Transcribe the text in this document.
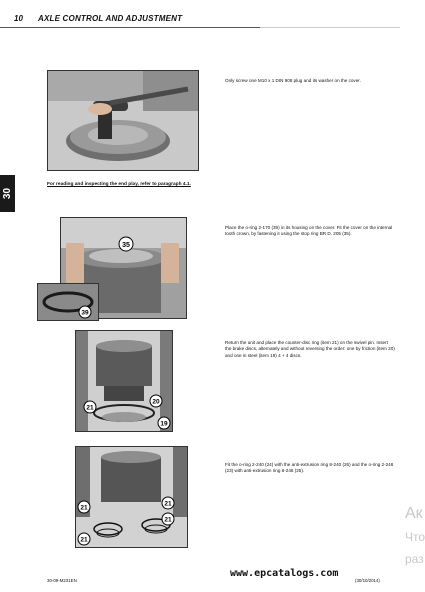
10 AXLE CONTROL AND ADJUSTMENT
30
Only screw one M10 x 1 DIN 908 plug and its washer on the cover.
For reading and inspecting the end play, refer to paragraph 4.1.
35
39
Place the o-ring 2-170 (39) in its housing on the cover. Fit the cover on the internal tooth crown, by fastening it using the stop ring BR D. 205 (35).
20
21
19
Return the unit and place the counter-disc ring (item 21) on the swivel pin. Insert the brake discs, alternately and without reversing the order: one by friction (item 20) and one in steel (item 19) 4 + 4 discs.
21
21
21
21
Fit the o-ring 2-240 (24) with the anti-extrusion ring 8-240 (26) and the o-ring 2-246 (23) with anti-extrusion ring 8-246 (25).
Ак
Что
раз
www.epcatalogs.com
30-09-M231EN	(30/10/2014)
